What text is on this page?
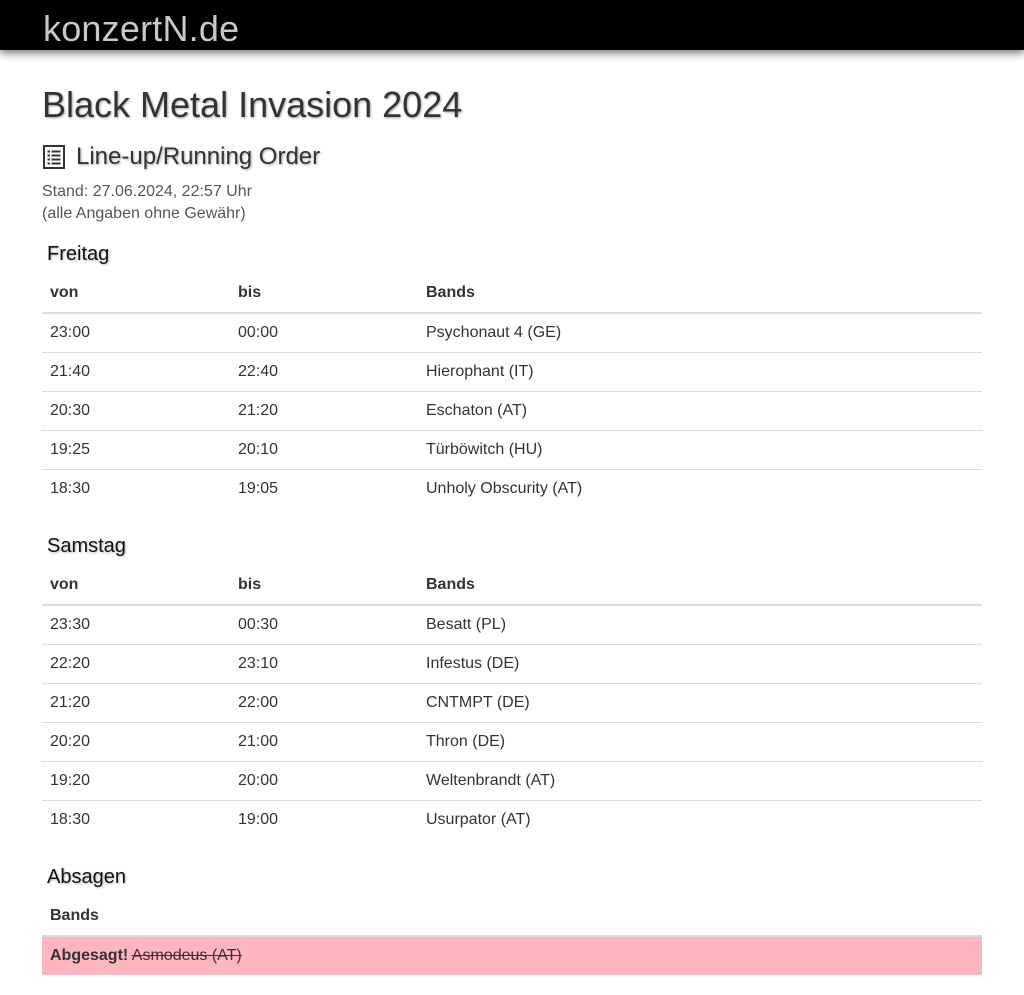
konzertN.de
Black Metal Invasion 2024
Line-up/Running Order
Stand: 27.06.2024, 22:57 Uhr
(alle Angaben ohne Gewähr)
Freitag
von	bis	Bands
23:00	00:00	Psychonaut 4 (GE)
21:40	22:40	Hierophant (IT)
20:30	21:20	Eschaton (AT)
19:25	20:10	Türböwitch (HU)
18:30	19:05	Unholy Obscurity (AT)
Samstag
von	bis	Bands
23:30	00:30	Besatt (PL)
22:20	23:10	Infestus (DE)
21:20	22:00	CNTMPT (DE)
20:20	21:00	Thron (DE)
19:20	20:00	Weltenbrandt (AT)
18:30	19:00	Usurpator (AT)
Absagen
Bands
Abgesagt! Asmodeus (AT)
